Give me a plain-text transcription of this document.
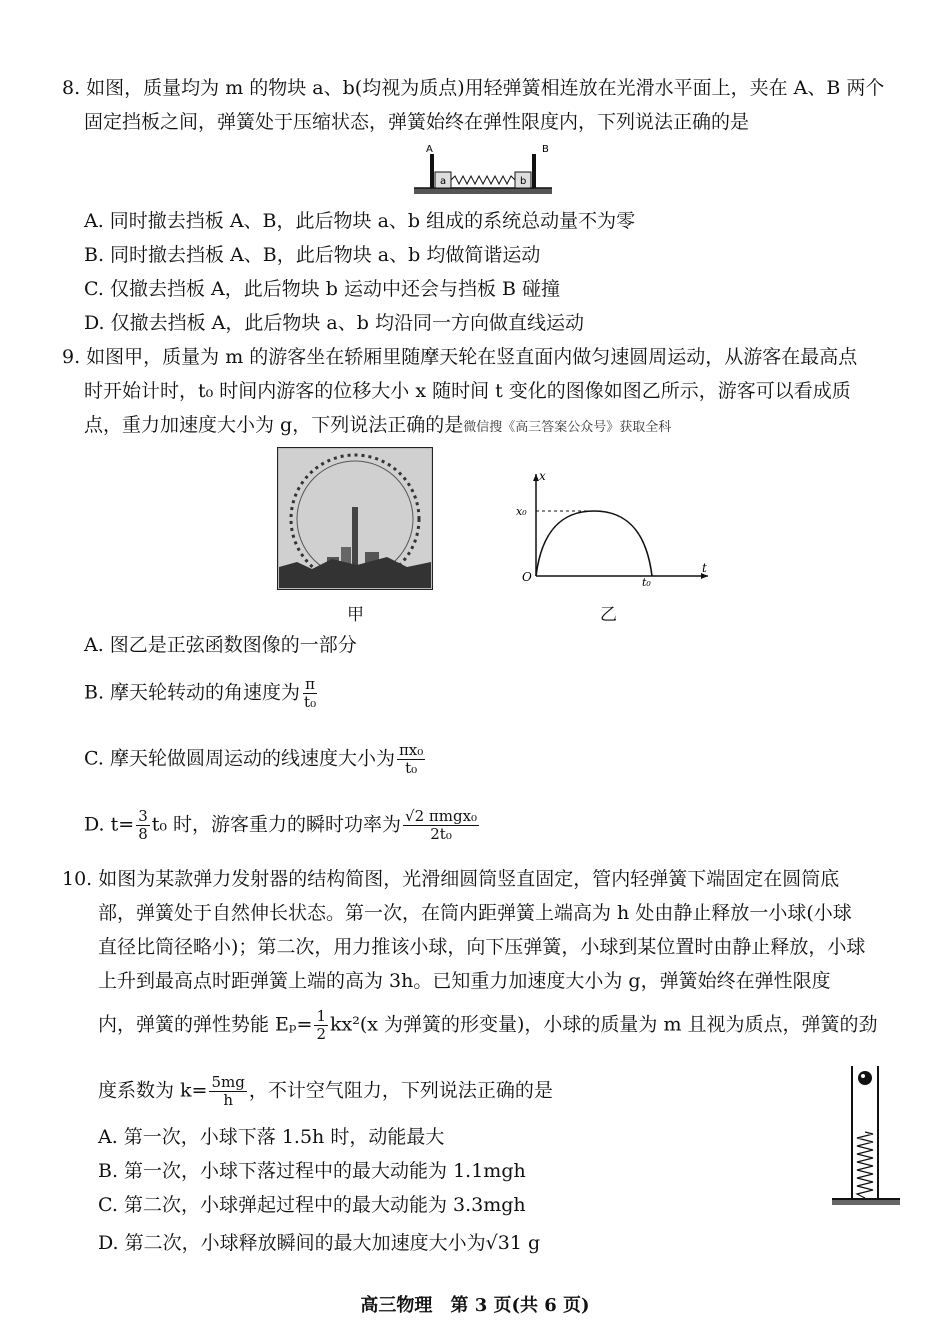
8. 如图，质量均为 m 的物块 a、b(均视为质点)用轻弹簧相连放在光滑水平面上，夹在 A、B 两个
固定挡板之间，弹簧处于压缩状态，弹簧始终在弹性限度内，下列说法正确的是
A	B
a	b
A. 同时撤去挡板 A、B，此后物块 a、b 组成的系统总动量不为零
B. 同时撤去挡板 A、B，此后物块 a、b 均做简谐运动
C. 仅撤去挡板 A，此后物块 b 运动中还会与挡板 B 碰撞
D. 仅撤去挡板 A，此后物块 a、b 均沿同一方向做直线运动
9. 如图甲，质量为 m 的游客坐在轿厢里随摩天轮在竖直面内做匀速圆周运动，从游客在最高点
时开始计时，t₀ 时间内游客的位移大小 x 随时间 t 变化的图像如图乙所示，游客可以看成质
点，重力加速度大小为 g，下列说法正确的是微信搜《高三答案公众号》获取全科
甲
x
t
O
x₀
t₀
乙
A. 图乙是正弦函数图像的一部分
B. 摩天轮转动的角速度为 $\frac{\pi}{\text{t₀}}$
C. 摩天轮做圆周运动的线速度大小为 $\frac{\text{πx₀}}{\text{t₀}}$
D. $t= \frac{3}{8} t_0$ 时，游客重力的瞬时功率为 $\frac{\text{√2 πmgx₀}}{\text{2t₀}}$
10. 如图为某款弹力发射器的结构简图，光滑细圆筒竖直固定，管内轻弹簧下端固定在圆筒底
部，弹簧处于自然伸长状态。第一次，在筒内距弹簧上端高为 h 处由静止释放一小球(小球
直径比筒径略小)；第二次，用力推该小球，向下压弹簧，小球到某位置时由静止释放，小球
上升到最高点时距弹簧上端的高为 3h。已知重力加速度大小为 g，弹簧始终在弹性限度
内，弹簧的弹性势能 $E_p= \frac{1}{2} kx^2(x$ 为弹簧的形变量)，小球的质量为 m 且视为质点，弹簧的劲
度系数为 $k= \frac{5mg}{h}$ ，不计空气阻力，下列说法正确的是
A. 第一次，小球下落 1.5h 时，动能最大
B. 第一次，小球下落过程中的最大动能为 1.1mgh
C. 第二次，小球弹起过程中的最大动能为 3.3mgh
D. 第二次，小球释放瞬间的最大加速度大小为√31 g
高三物理　第 3 页(共 6 页)
